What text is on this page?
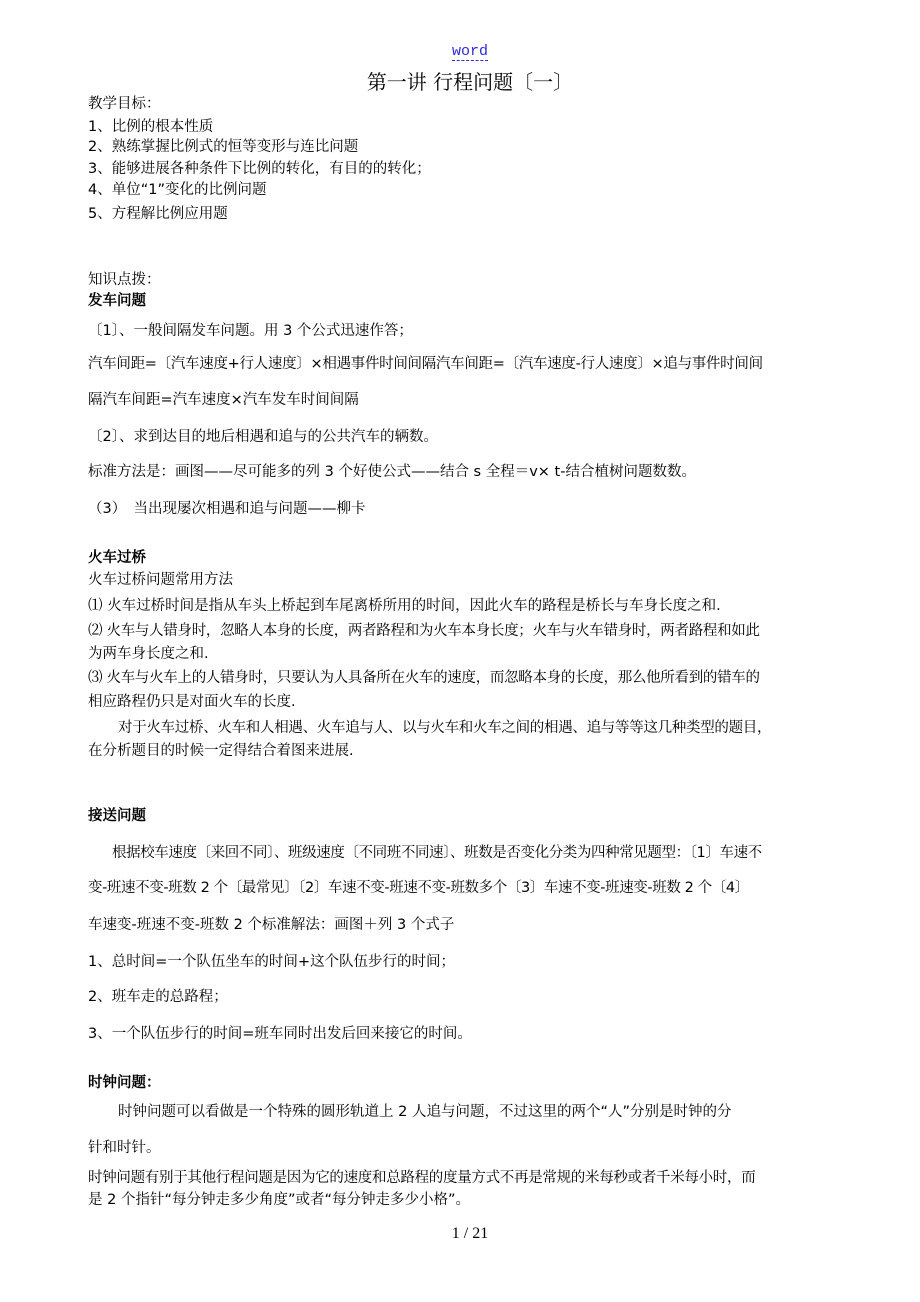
word
第一讲 行程问题〔一〕
教学目标：
1、比例的根本性质
2、熟练掌握比例式的恒等变形与连比问题
3、能够进展各种条件下比例的转化，有目的的转化；
4、单位“1”变化的比例问题
5、方程解比例应用题
知识点拨：
发车问题
〔1〕、一般间隔发车问题。用 3 个公式迅速作答；
汽车间距=〔汽车速度+行人速度〕×相遇事件时间间隔汽车间距=〔汽车速度-行人速度〕×追与事件时间间
隔汽车间距=汽车速度×汽车发车时间间隔
〔2〕、求到达目的地后相遇和追与的公共汽车的辆数。
标准方法是：画图——尽可能多的列 3 个好使公式——结合 s 全程＝v× t-结合植树问题数数。
（3）　当出现屡次相遇和追与问题——柳卡
火车过桥
火车过桥问题常用方法
⑴ 火车过桥时间是指从车头上桥起到车尾离桥所用的时间，因此火车的路程是桥长与车身长度之和.
⑵ 火车与人错身时，忽略人本身的长度，两者路程和为火车本身长度；火车与火车错身时，两者路程和如此
为两车身长度之和.
⑶ 火车与火车上的人错身时，只要认为人具备所在火车的速度，而忽略本身的长度，那么他所看到的错车的
相应路程仍只是对面火车的长度.
对于火车过桥、火车和人相遇、火车追与人、以与火车和火车之间的相遇、追与等等这几种类型的题目，
在分析题目的时候一定得结合着图来进展.
接送问题
根据校车速度〔来回不同〕、班级速度〔不同班不同速〕、班数是否变化分类为四种常见题型：〔1〕车速不
变-班速不变-班数 2 个〔最常见〕〔2〕车速不变-班速不变-班数多个〔3〕车速不变-班速变-班数 2 个〔4〕
车速变-班速不变-班数 2 个标准解法：画图＋列 3 个式子
1、总时间=一个队伍坐车的时间+这个队伍步行的时间；
2、班车走的总路程；
3、一个队伍步行的时间=班车同时出发后回来接它的时间。
时钟问题：
时钟问题可以看做是一个特殊的圆形轨道上 2 人追与问题，不过这里的两个“人”分别是时钟的分
针和时针。
时钟问题有别于其他行程问题是因为它的速度和总路程的度量方式不再是常规的米每秒或者千米每小时，而
是 2 个指针“每分钟走多少角度”或者“每分钟走多少小格”。
1 / 21
